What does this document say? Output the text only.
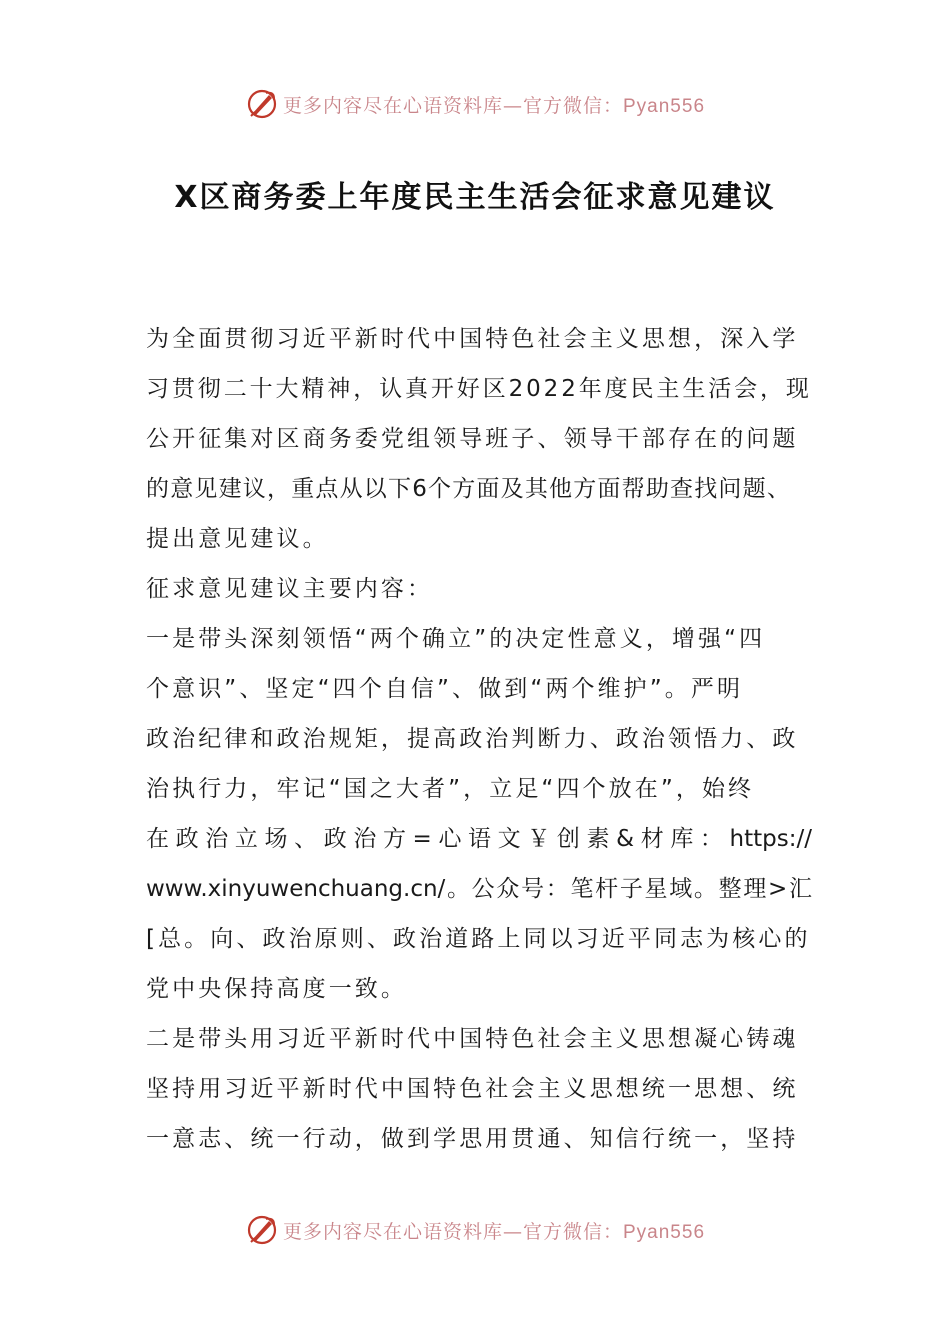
更多内容尽在心语资料库—官方微信：Pyan556
X区商务委上年度民主生活会征求意见建议
为全面贯彻习近平新时代中国特色社会主义思想，深入学
习贯彻二十大精神，认真开好区2022年度民主生活会，现
公开征集对区商务委党组领导班子、领导干部存在的问题
的意见建议，重点从以下6个方面及其他方面帮助查找问题、
提出意见建议。
征求意见建议主要内容：
一是带头深刻领悟“两个确立”的决定性意义，增强“四
个意识”、坚定“四个自信”、做到“两个维护”。严明
政治纪律和政治规矩，提高政治判断力、政治领悟力、政
治执行力，牢记“国之大者”，立足“四个放在”，始终
在政治立场、政治方=心语文￥创素&材库：https://
www.xinyuwenchuang.cn/。公众号：笔杆子星域。整理>汇
[总。向、政治原则、政治道路上同以习近平同志为核心的
党中央保持高度一致。
二是带头用习近平新时代中国特色社会主义思想凝心铸魂
坚持用习近平新时代中国特色社会主义思想统一思想、统
一意志、统一行动，做到学思用贯通、知信行统一，坚持
更多内容尽在心语资料库—官方微信：Pyan556
